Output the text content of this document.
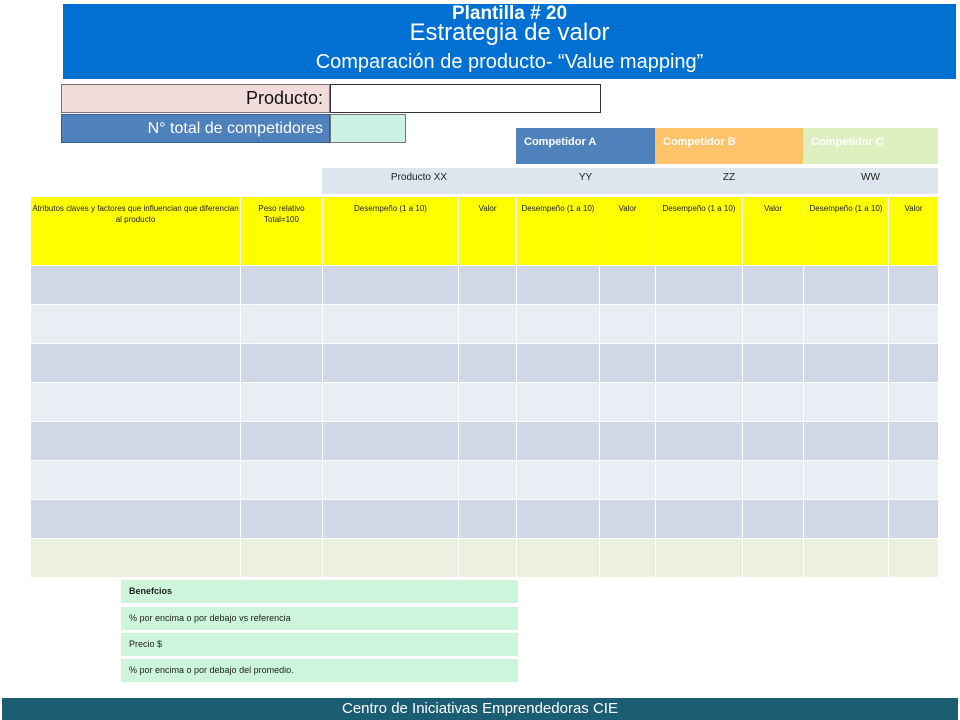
Plantilla # 20
Estrategia de valor
Comparación de producto- “Value mapping”
Producto:
N° total de competidores
Competidor A	Competidor B	Competidor C
Producto XX	YY	ZZ	WW
Atributos claves y factores que influencian que diferencian al producto	Peso relativo Total=100	Desempeño (1 a 10)	Valor	Desempeño (1 a 10)	Valor	Desempeño (1 a 10)	Valor	Desempeño (1 a 10)	Valor

Benefcios
% por encima o por debajo vs referencia
Precio $
% por encima o por debajo del promedio.
Centro de Iniciativas Emprendedoras CIE
